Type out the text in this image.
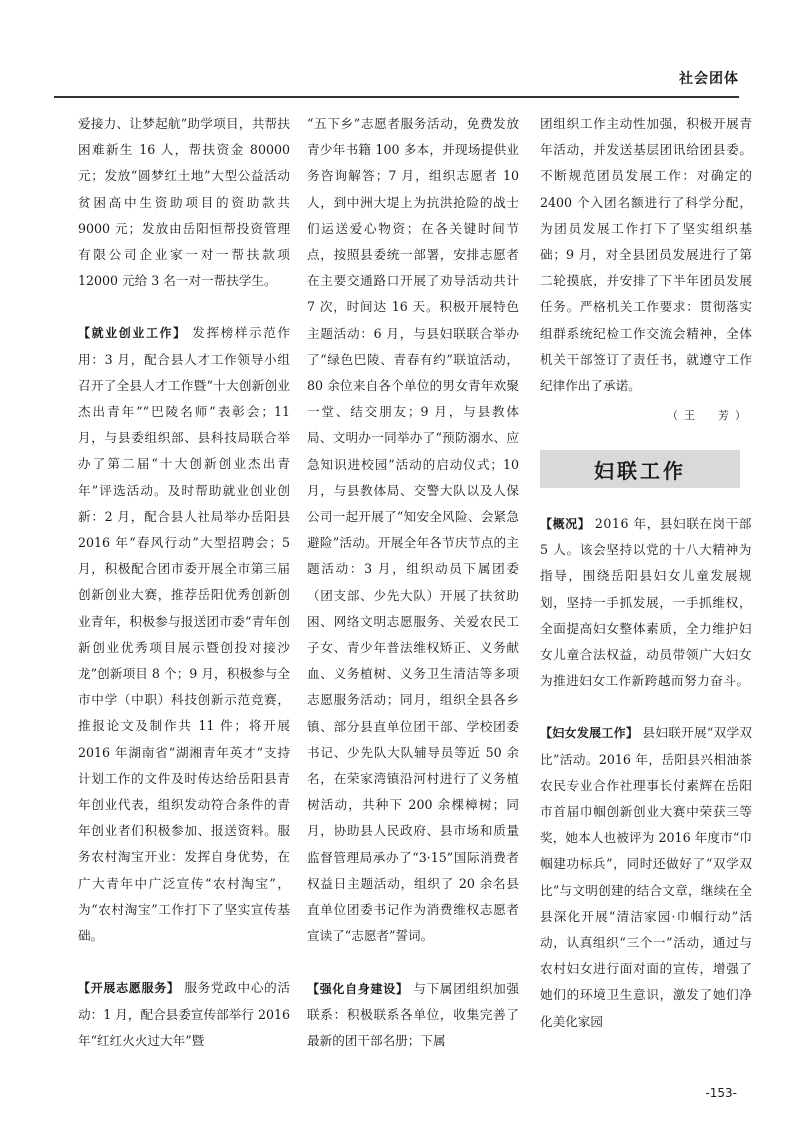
社会团体

爱接力、让梦起航”助学项目，共帮扶困难新生 16 人，帮扶资金 80000 元；发放“圆梦红土地”大型公益活动贫困高中生资助项目的资助款共 9000 元；发放由岳阳恒帮投资管理有限公司企业家一对一帮扶款项 12000 元给 3 名一对一帮扶学生。

【就业创业工作】 发挥榜样示范作用：3 月，配合县人才工作领导小组召开了全县人才工作暨“十大创新创业杰出青年”“巴陵名师”表彰会；11 月，与县委组织部、县科技局联合举办了第二届“十大创新创业杰出青年”评选活动。及时帮助就业创业创新：2 月，配合县人社局举办岳阳县 2016 年“春风行动”大型招聘会；5 月，积极配合团市委开展全市第三届创新创业大赛，推荐岳阳优秀创新创业青年，积极参与报送团市委“青年创新创业优秀项目展示暨创投对接沙龙”创新项目 8 个；9 月，积极参与全市中学（中职）科技创新示范竞赛，推报论文及制作共 11 件；将开展 2016 年湖南省“湖湘青年英才”支持计划工作的文件及时传达给岳阳县青年创业代表，组织发动符合条件的青年创业者们积极参加、报送资料。服务农村淘宝开业：发挥自身优势，在广大青年中广泛宣传“农村淘宝”，为“农村淘宝”工作打下了坚实宣传基础。

【开展志愿服务】 服务党政中心的活动：1 月，配合县委宣传部举行 2016 年“红红火火过大年”暨

“五下乡”志愿者服务活动，免费发放青少年书籍 100 多本，并现场提供业务咨询解答；7 月，组织志愿者 10 人，到中洲大堤上为抗洪抢险的战士们运送爱心物资；在各关键时间节点，按照县委统一部署，安排志愿者在主要交通路口开展了劝导活动共计 7 次，时间达 16 天。积极开展特色主题活动：6 月，与县妇联联合举办了“绿色巴陵、青春有约”联谊活动，80 余位来自各个单位的男女青年欢聚一堂、结交朋友；9 月，与县教体局、文明办一同举办了“预防溺水、应急知识进校园”活动的启动仪式；10 月，与县教体局、交警大队以及人保公司一起开展了“知安全风险、会紧急避险”活动。开展全年各节庆节点的主题活动：3 月，组织动员下属团委（团支部、少先大队）开展了扶贫助困、网络文明志愿服务、关爱农民工子女、青少年普法维权矫正、义务献血、义务植树、义务卫生清洁等多项志愿服务活动；同月，组织全县各乡镇、部分县直单位团干部、学校团委书记、少先队大队辅导员等近 50 余名，在荣家湾镇沿河村进行了义务植树活动，共种下 200 余棵樟树；同月，协助县人民政府、县市场和质量监督管理局承办了“3·15”国际消费者权益日主题活动，组织了 20 余名县直单位团委书记作为消费维权志愿者宣读了“志愿者”誓词。

【强化自身建设】 与下属团组织加强联系：积极联系各单位，收集完善了最新的团干部名册；下属

团组织工作主动性加强，积极开展青年活动，并发送基层团讯给团县委。不断规范团员发展工作：对确定的 2400 个入团名额进行了科学分配，为团员发展工作打下了坚实组织基础；9 月，对全县团员发展进行了第二轮摸底，并安排了下半年团员发展任务。严格机关工作要求：贯彻落实组群系统纪检工作交流会精神，全体机关干部签订了责任书，就遵守工作纪律作出了承诺。

（王　芳）

妇联工作

【概况】 2016 年，县妇联在岗干部 5 人。该会坚持以党的十八大精神为指导，围绕岳阳县妇女儿童发展规划，坚持一手抓发展，一手抓维权，全面提高妇女整体素质，全力维护妇女儿童合法权益，动员带领广大妇女为推进妇女工作新跨越而努力奋斗。

【妇女发展工作】 县妇联开展“双学双比”活动。2016 年，岳阳县兴相油茶农民专业合作社理事长付素辉在岳阳市首届巾帼创新创业大赛中荣获三等奖，她本人也被评为 2016 年度市“巾帼建功标兵”，同时还做好了“双学双比”与文明创建的结合文章，继续在全县深化开展“清洁家园·巾帼行动”活动，认真组织“三个一”活动，通过与农村妇女进行面对面的宣传，增强了她们的环境卫生意识，激发了她们净化美化家园

-153-
